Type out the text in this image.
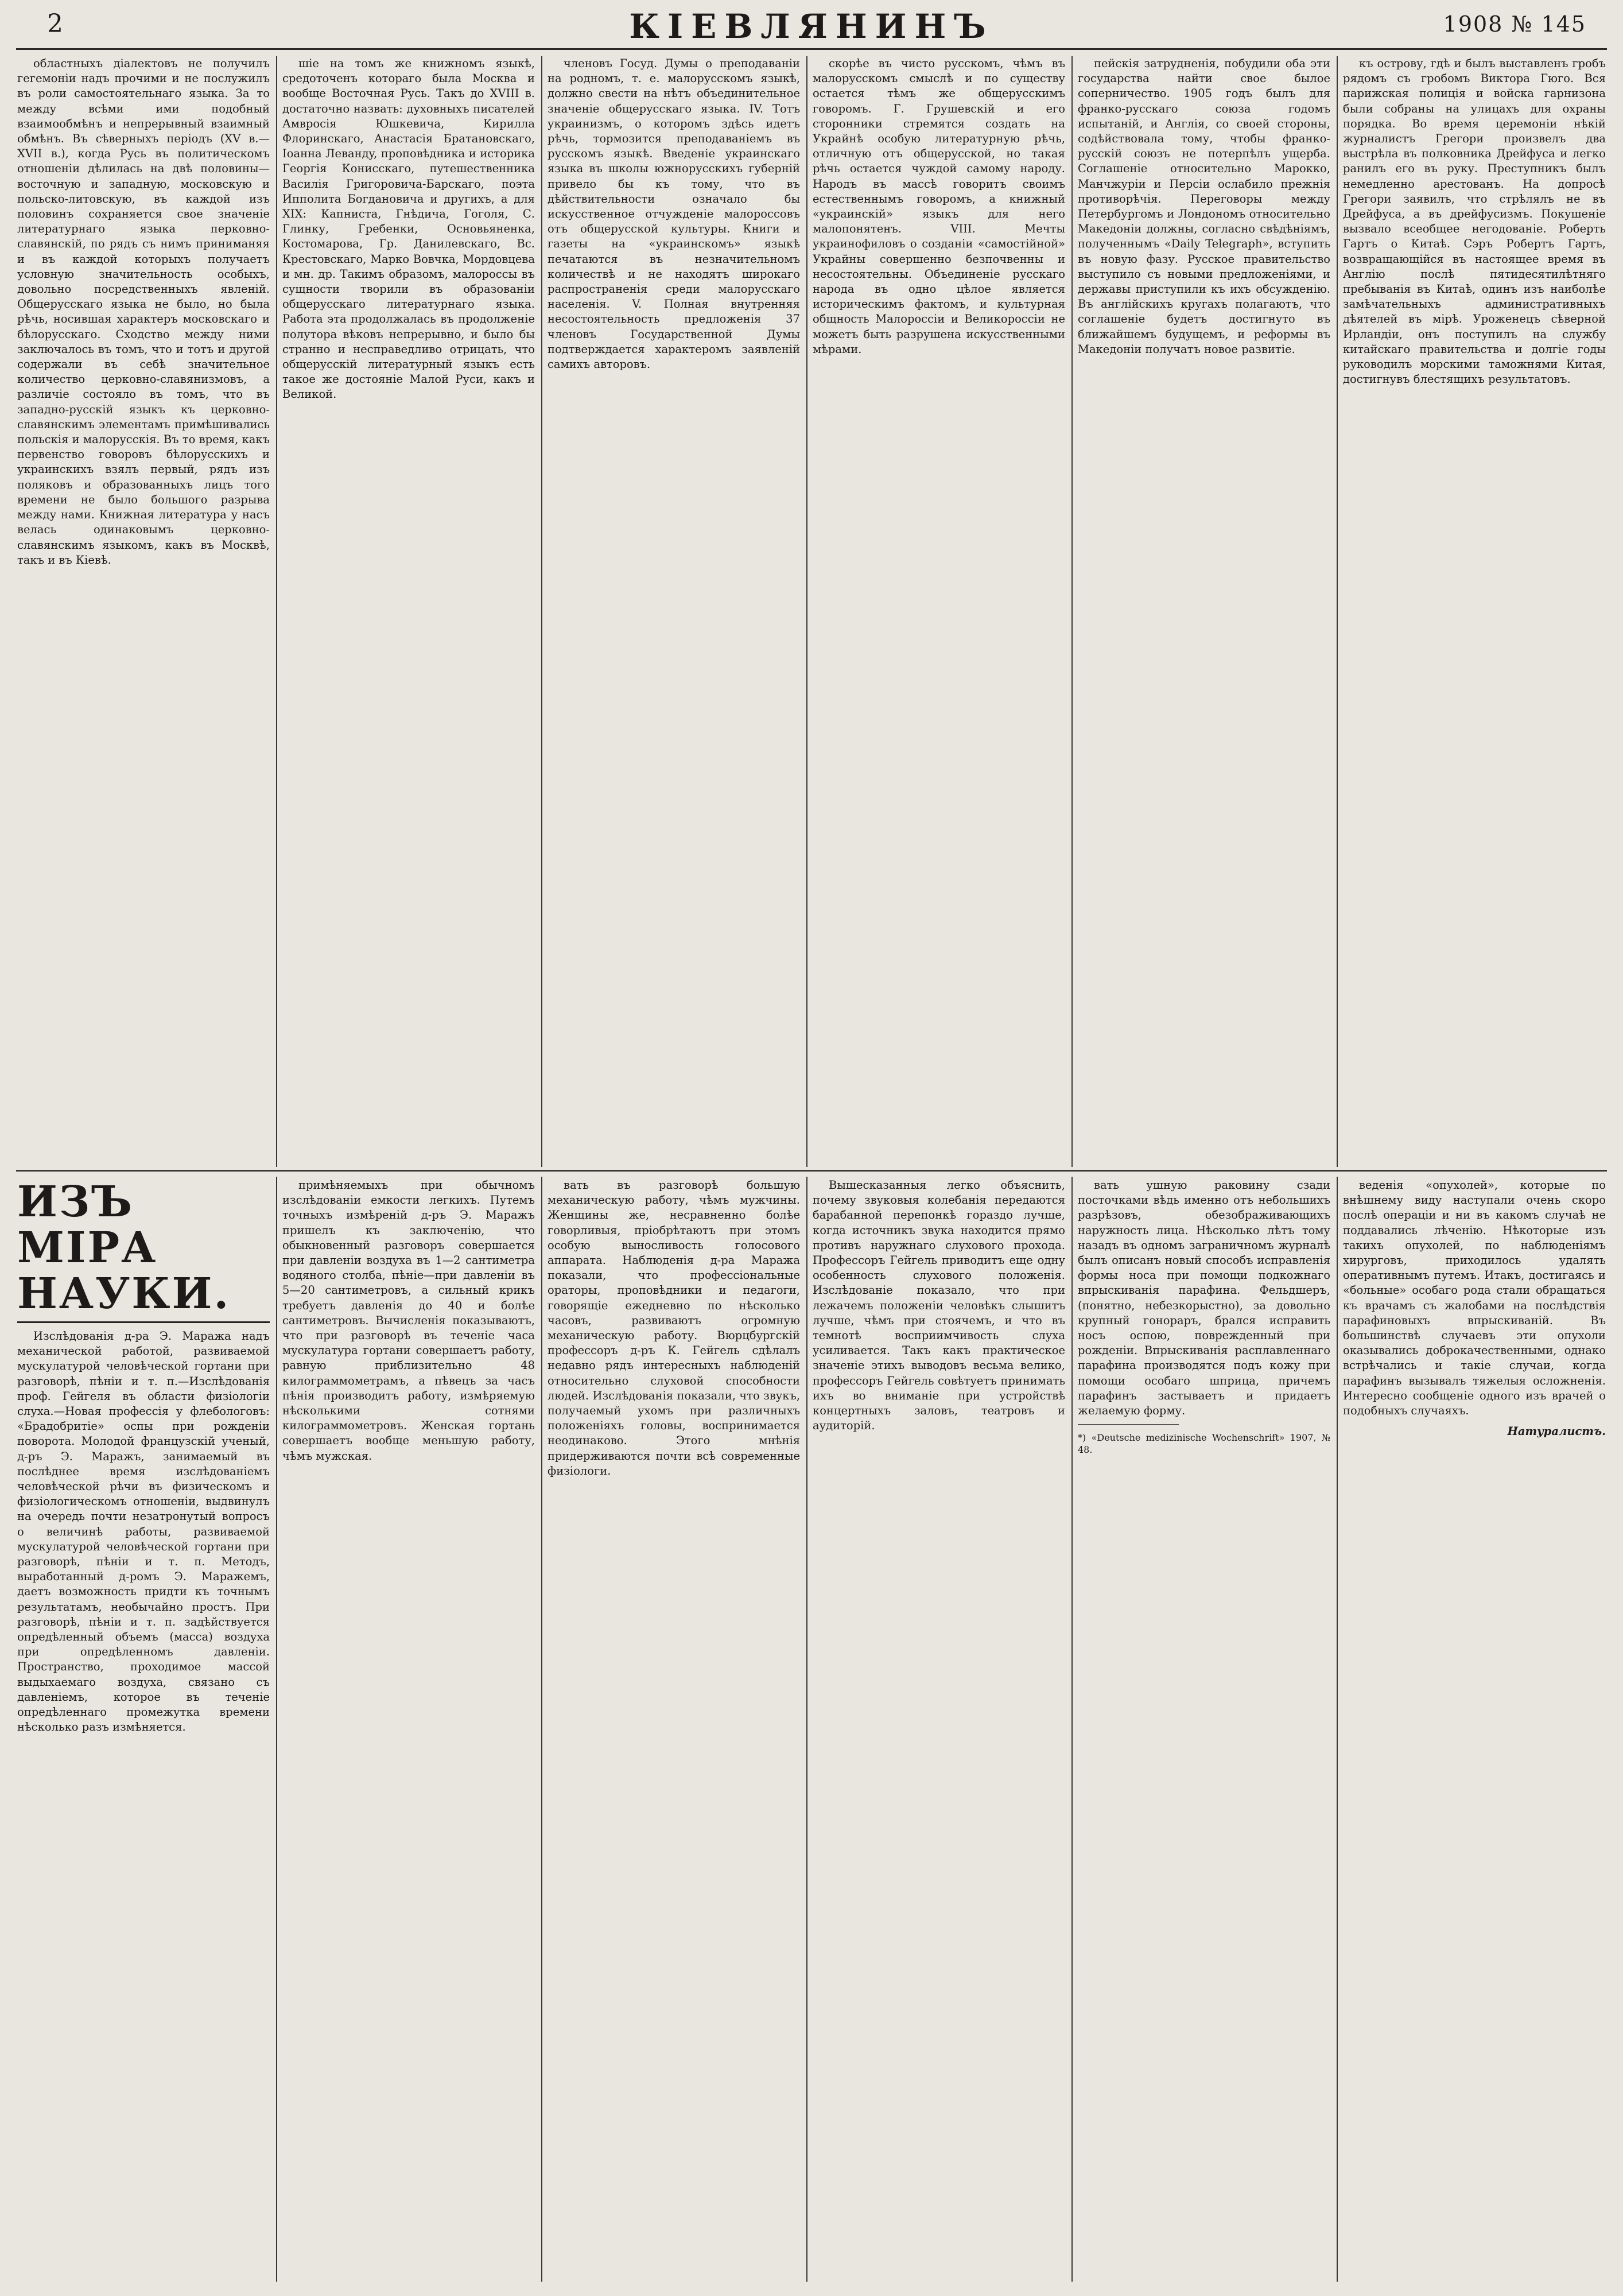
2	КІЕВЛЯНИНЪ	1908 № 145

областныхъ діалектовъ не получилъ гегемоніи надъ прочими и не послужилъ въ роли самостоятельнаго языка. За то между всѣми ими подобный взаимообмѣнъ и непрерывный взаимный обмѣнъ. Въ сѣверныхъ періодъ (XV в.—XVII в.), когда Русь въ политическомъ отношеніи дѣлилась на двѣ половины—восточную и западную, московскую и польско-литовскую, въ каждой изъ половинъ сохраняется свое значеніе литературнаго языка перковно-славянскій, по рядъ съ нимъ приниманяя и въ каждой которыхъ получаетъ условную значительность особыхъ, довольно посредственныхъ явленій. Общерусскаго языка не было, но была рѣчь, носившая характеръ московскаго и бѣлорусскаго. Сходство между ними заключалось въ томъ, что и тотъ и другой содержали въ себѣ значительное количество церковно-славянизмовъ, а различіе состояло въ томъ, что въ западно-русскій языкъ къ церковно-славянскимъ элементамъ примѣшивались польскія и малорусскія. Въ то время, какъ первенство говоровъ бѣлорусскихъ и украинскихъ взялъ первый, рядъ изъ поляковъ и образованныхъ лицъ того времени не было большого разрыва между нами. Книжная литература у насъ велась одинаковымъ церковно-славянскимъ языкомъ, какъ въ Москвѣ, такъ и въ Кіевѣ.

шіе на томъ же книжномъ языкѣ, средоточенъ котораго была Москва и вообще Восточная Русь. Такъ до XVIII в. достаточно назвать: духовныхъ писателей Амвросія Юшкевича, Кирилла Флоринскаго, Анастасія Братановскаго, Іоанна Левандy, проповѣдника и историка Георгія Конисскаго, путешественника Василія Григоровича-Барскаго, поэта Ипполита Богдановича и другихъ, а для XIX: Капниста, Гнѣдича, Гоголя, С. Глинку, Гребенки, Основьяненка, Костомарова, Гр. Данилевскаго, Вс. Крестовскаго, Марко Вовчка, Мордовцева и мн. др. Такимъ образомъ, малороссы въ сущности творили въ образованіи общерусскаго литературнаго языка. Работа эта продолжалась въ продолженіе полутора вѣковъ непрерывно, и было бы странно и несправедливо отрицать, что общерусскій литературный языкъ есть такое же достояніе Малой Руси, какъ и Великой.

членовъ Госуд. Думы о преподаваніи на родномъ, т. е. малорусскомъ языкѣ, должно свести на нѣтъ объединительное значеніе общерусскаго языка. IV. Тотъ украинизмъ, о которомъ здѣсь идетъ рѣчь, тормозится преподаваніемъ въ русскомъ языкѣ. Введеніе украинскаго языка въ школы южнорусскихъ губерній привело бы къ тому, что въ дѣйствительности означало бы искусственное отчужденіе малороссовъ отъ общерусской культуры. Книги и газеты на «украинскомъ» языкѣ печатаются въ незначительномъ количествѣ и не находятъ широкаго распространенія среди малорусскаго населенія. V. Полная внутренняя несостоятельность предложенія 37 членовъ Государственной Думы подтверждается характеромъ заявленій самихъ авторовъ.

скорѣе въ чисто русскомъ, чѣмъ въ малорусскомъ смыслѣ и по существу остается тѣмъ же общерусскимъ говоромъ. Г. Грушевскій и его сторонники стремятся создать на Украйнѣ особую литературную рѣчь, отличную отъ общерусской, но такая рѣчь остается чуждой самому народу. Народъ въ массѣ говоритъ своимъ естественнымъ говоромъ, а книжный «украинскій» языкъ для него малопонятенъ. VIII. Мечты украинофиловъ о созданіи «самостійной» Украйны совершенно безпочвенны и несостоятельны. Объединеніе русскаго народа въ одно цѣлое является историческимъ фактомъ, и культурная общность Малороссіи и Великороссіи не можетъ быть разрушена искусственными мѣрами.

пейскія затрудненія, побудили оба эти государства найти свое былое соперничество. 1905 годъ былъ для франко-русскаго союза годомъ испытаній, и Англія, со своей стороны, содѣйствовала тому, чтобы франко-русскій союзъ не потерпѣлъ ущерба. Соглашеніе относительно Марокко, Манчжуріи и Персіи ослабило прежнія противорѣчія. Переговоры между Петербургомъ и Лондономъ относительно Македоніи должны, согласно свѣдѣніямъ, полученнымъ «Daily Telegraph», вступить въ новую фазу. Русское правительство выступило съ новыми предложеніями, и державы приступили къ ихъ обсужденію. Въ англійскихъ кругахъ полагаютъ, что соглашеніе будетъ достигнуто въ ближайшемъ будущемъ, и реформы въ Македоніи получатъ новое развитіе.

къ острову, гдѣ и былъ выставленъ гробъ рядомъ съ гробомъ Виктора Гюго. Вся парижская полиція и войска гарнизона были собраны на улицахъ для охраны порядка. Во время церемоніи нѣкій журналистъ Грегори произвелъ два выстрѣла въ полковника Дрейфуса и легко ранилъ его въ руку. Преступникъ былъ немедленно арестованъ. На допросѣ Грегори заявилъ, что стрѣлялъ не въ Дрейфуса, а въ дрейфусизмъ. Покушеніе вызвало всеобщее негодованіе. Роберть Гартъ о Китаѣ. Сэръ Робертъ Гартъ, возвращающійся въ настоящее время въ Англію послѣ пятидесятилѣтняго пребыванія въ Китаѣ, одинъ изъ наиболѣе замѣчательныхъ административныхъ дѣятелей въ мірѣ. Уроженецъ сѣверной Ирландіи, онъ поступилъ на службу китайскаго правительства и долгіе годы руководилъ морскими таможнями Китая, достигнувъ блестящихъ результатовъ.

ИЗЪ МІРА НАУКИ.

Изслѣдованія д-ра Э. Маража надъ механической работой, развиваемой мускулатурой человѣческой гортани при разговорѣ, пѣніи и т. п.—Изслѣдованія проф. Гейгеля въ области физіологіи слуха.—Новая профессія у флебологовъ: «Брадобритіе» оспы при рожденіи поворота. Молодой французскій ученый, д-ръ Э. Маражъ, занимаемый въ послѣднее время изслѣдованіемъ человѣческой рѣчи въ физическомъ и физіологическомъ отношеніи, выдвинулъ на очередь почти незатронутый вопросъ о величинѣ работы, развиваемой мускулатурой человѣческой гортани при разговорѣ, пѣніи и т. п. Методъ, выработанный д-ромъ Э. Маражемъ, даетъ возможность придти къ точнымъ результатамъ, необычайно простъ. При разговорѣ, пѣніи и т. п. задѣйствуется опредѣленный объемъ (масса) воздуха при опредѣленномъ давленіи. Пространство, проходимое массой выдыхаемаго воздуха, связано съ давленіемъ, которое въ теченіе опредѣленнаго промежутка времени нѣсколько разъ измѣняется.

примѣняемыхъ при обычномъ изслѣдованіи емкости легкихъ. Путемъ точныхъ измѣреній д-ръ Э. Маражъ пришелъ къ заключенію, что обыкновенный разговоръ совершается при давленіи воздуха въ 1—2 сантиметра водяного столба, пѣніе—при давленіи въ 5—20 сантиметровъ, а сильный крикъ требуетъ давленія до 40 и болѣе сантиметровъ. Вычисленія показываютъ, что при разговорѣ въ теченіе часа мускулатура гортани совершаетъ работу, равную приблизительно 48 килограммометрамъ, а пѣвецъ за часъ пѣнія производитъ работу, измѣряемую нѣсколькими сотнями килограммометровъ. Женская гортань совершаетъ вообще меньшую работу, чѣмъ мужская.

вать въ разговорѣ большую механическую работу, чѣмъ мужчины. Женщины же, несравненно болѣе говорливыя, пріобрѣтаютъ при этомъ особую выносливость голосового аппарата. Наблюденія д-ра Маража показали, что профессіональные ораторы, проповѣдники и педагоги, говорящіе ежедневно по нѣсколько часовъ, развиваютъ огромную механическую работу. Вюрцбургскій профессоръ д-ръ К. Гейгель сдѣлалъ недавно рядъ интересныхъ наблюденій относительно слуховой способности людей. Изслѣдованія показали, что звукъ, получаемый ухомъ при различныхъ положеніяхъ головы, воспринимается неодинаково. Этого мнѣнія придерживаются почти всѣ современные физіологи.

Вышесказанныя легко объяснить, почему звуковыя колебанія передаются барабанной перепонкѣ гораздо лучше, когда источникъ звука находится прямо противъ наружнаго слухового прохода. Профессоръ Гейгель приводитъ еще одну особенность слухового положенія. Изслѣдованіе показало, что при лежачемъ положеніи человѣкъ слышитъ лучше, чѣмъ при стоячемъ, и что въ темнотѣ восприимчивость слуха усиливается. Такъ какъ практическое значеніе этихъ выводовъ весьма велико, профессоръ Гейгель совѣтуетъ принимать ихъ во вниманіе при устройствѣ концертныхъ заловъ, театровъ и аудиторій.

вать ушную раковину сзади посточками вѣдь именно отъ небольшихъ разрѣзовъ, обезображивающихъ наружность лица. Нѣсколько лѣтъ тому назадъ въ одномъ заграничномъ журналѣ былъ описанъ новый способъ исправленія формы носа при помощи подкожнаго впрыскиванія парафина. Фельдшеръ, (понятно, небезкорыстно), за довольно крупный гонораръ, брался исправить носъ оспою, поврежденный при рожденіи. Впрыскиванія расплавленнаго парафина производятся подъ кожу при помощи особаго шприца, причемъ парафинъ застываетъ и придаетъ желаемую форму.

*) «Deutsche medizinische Wochenschrift» 1907, № 48.

веденія «опухолей», которые по внѣшнему виду наступали очень скоро послѣ операціи и ни въ какомъ случаѣ не поддавались лѣченію. Нѣкоторые изъ такихъ опухолей, по наблюденіямъ хирурговъ, приходилось удалять оперативнымъ путемъ. Итакъ, достигаясь и «больные» особаго рода стали обращаться къ врачамъ съ жалобами на послѣдствія парафиновыхъ впрыскиваній. Въ большинствѣ случаевъ эти опухоли оказывались доброкачественными, однако встрѣчались и такіе случаи, когда парафинъ вызывалъ тяжелыя осложненія. Интересно сообщеніе одного изъ врачей о подобныхъ случаяхъ.

Натуралистъ.
